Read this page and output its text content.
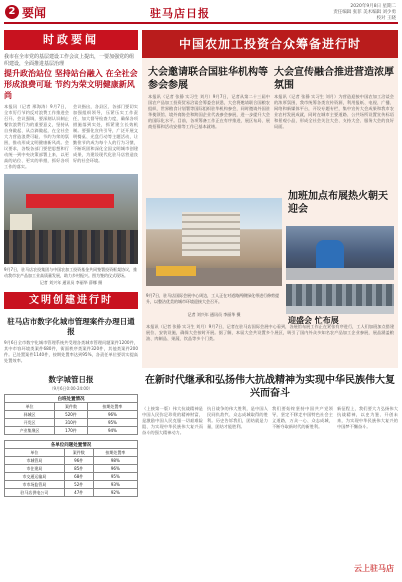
2 要闻	驻马店日报
2020年9月8日 星期二
责任编辑 张菲 美术编辑 刘少勇
校对 王晓
时政要闻
我市在全市党的基层建设工作会议上提出，一要加强党的组织建设，全面推进基层治理
提升政治站位 坚持站台融入 在全社会形成浪费可耻 节约为荣文明健康新风尚
本报讯（记者 邢海涛）9月7日，全市厉行节约反对浪费工作推进会召开。会议强调，要深刻认识制止餐饮浪费行为的重要意义，坚持从自身做起、从点滴做起，在全社会大力营造浪费可耻、节约为荣的氛围，推动形成文明健康新风尚。会议要求，各级各部门要把思想和行动统一到中央决策部署上来，以更高的站位、更实的举措，抓好各项工作的落实。
会议指出，各县区、各部门要切实加强组织领导，压紧压实工作责任，加大督导检查力度，确保各项措施落到实处，抓紧建立长效机制。要强化宣传引导，广泛开展文明餐桌、光盘行动等主题活动，让勤俭节约成为每个人的行为习惯，不断巩固和深化全国文明城市创建成果，为建设现代化驻马店营造良好的社会环境。
9月7日，驻马店农投集团与中国农加工投资基金共同签署投资框架协议，推动我市农产品加工业高质量发展，助力乡村振兴。图为签约仪式现场。
记者 刘兴年 通讯员 李丽华 薛娜 摄
文明创建进行时
驻马店市数字化城市管理案件办理日通报
9月6日全市数字化城市管理系统共受理各类城市管理问题案件1200件，其中市容环境类案件680件，街面秩序类案件320件，其他类案件200件。已处置案件1140件，按期处置率达到95%，各责任单位要切实提高处置效率。
数字城管日报
（9月6日0:00-24:00）
白班处置情况		
单位	案件数	按期处置率
驿城区	520件	96%
开发区	310件	95%
产业集聚区	170件	94%
各单位问题处置情况		
单位	案件数	按期处置率
市城管局	96件	98%
市住建局	85件	96%
市交通运输局	68件	95%
市市场监管局	52件	93%
驻马店供电公司	47件	92%
中国农加工投资合众筹备进行时
大会邀请联合国驻华机构等参会参展
本报讯（记者 张静 实习生 刘月）9月7日，记者从第二十三届中国农产品加工投资贸易洽谈会筹委会获悉，大会将邀请联合国粮农组织、世界粮食计划署等国际组织驻华机构参会，同时邀请外国驻华使领馆、境外商协会和跨国企业代表参会参展，进一步提升大会的国际化水平。目前，各项筹备工作正在有序推进，展区布局、展商招募和活动安排等工作已基本就绪。
大会宣传融合推进营造浓厚氛围
本报讯（记者 张静 实习生 刘月）为营造迎接中国农加工洽谈会的浓厚氛围，我市统筹各类宣传资源，利用报纸、电视、广播、网络和新媒体平台，开设专题专栏，集中宣传大会成果和我市农业农村发展成就，同时在城市主要道路、公共场所设置宣传标语和景观小品，形成全社会关注大会、支持大会、服务大会的良好局面。
9月7日，驻马店国际会展中心周边，工人正在对道路两侧绿化带进行修剪提升，以整洁优美的城市环境迎接大会召开。
记者 刘兴年 通讯员 李丽华 摄
加班加点布展热火朝天迎会
本报讯（记者 张静 实习生 刘月）9月7日，记者在驻马店国际会展中心看到，各展馆布展工作正在紧张有序进行，工人们加班加点搭建展位、安装设施，确保大会按时开展。据了解，本届大会共设置多个展区，吸引了国内外众多知名农产品加工企业参展，展品涵盖粮油、肉制品、果蔬、饮品等多个门类。
迎盛会 忙布展
在新时代继承和弘扬伟大抗战精神为实现中华民族伟大复兴而奋斗
（上接第一版）伟大抗战精神是中国人民弥足珍贵的精神财富，是激励中国人民克服一切艰难险阻、为实现中华民族伟大复兴而奋斗的强大精神动力。
抗日战争的伟大胜利，是中国人民同仇敌忾、众志成城取得的胜利。历史告诉我们，团结就是力量，团结才能胜利。
我们要始终坚持中国共产党领导，坚定不移走中国特色社会主义道路，万众一心、众志成城，不断夺取新时代的新胜利。
新征程上，我们要大力弘扬伟大抗战精神，以史为鉴、开创未来，为实现中华民族伟大复兴的中国梦不懈奋斗。
云上驻马店
